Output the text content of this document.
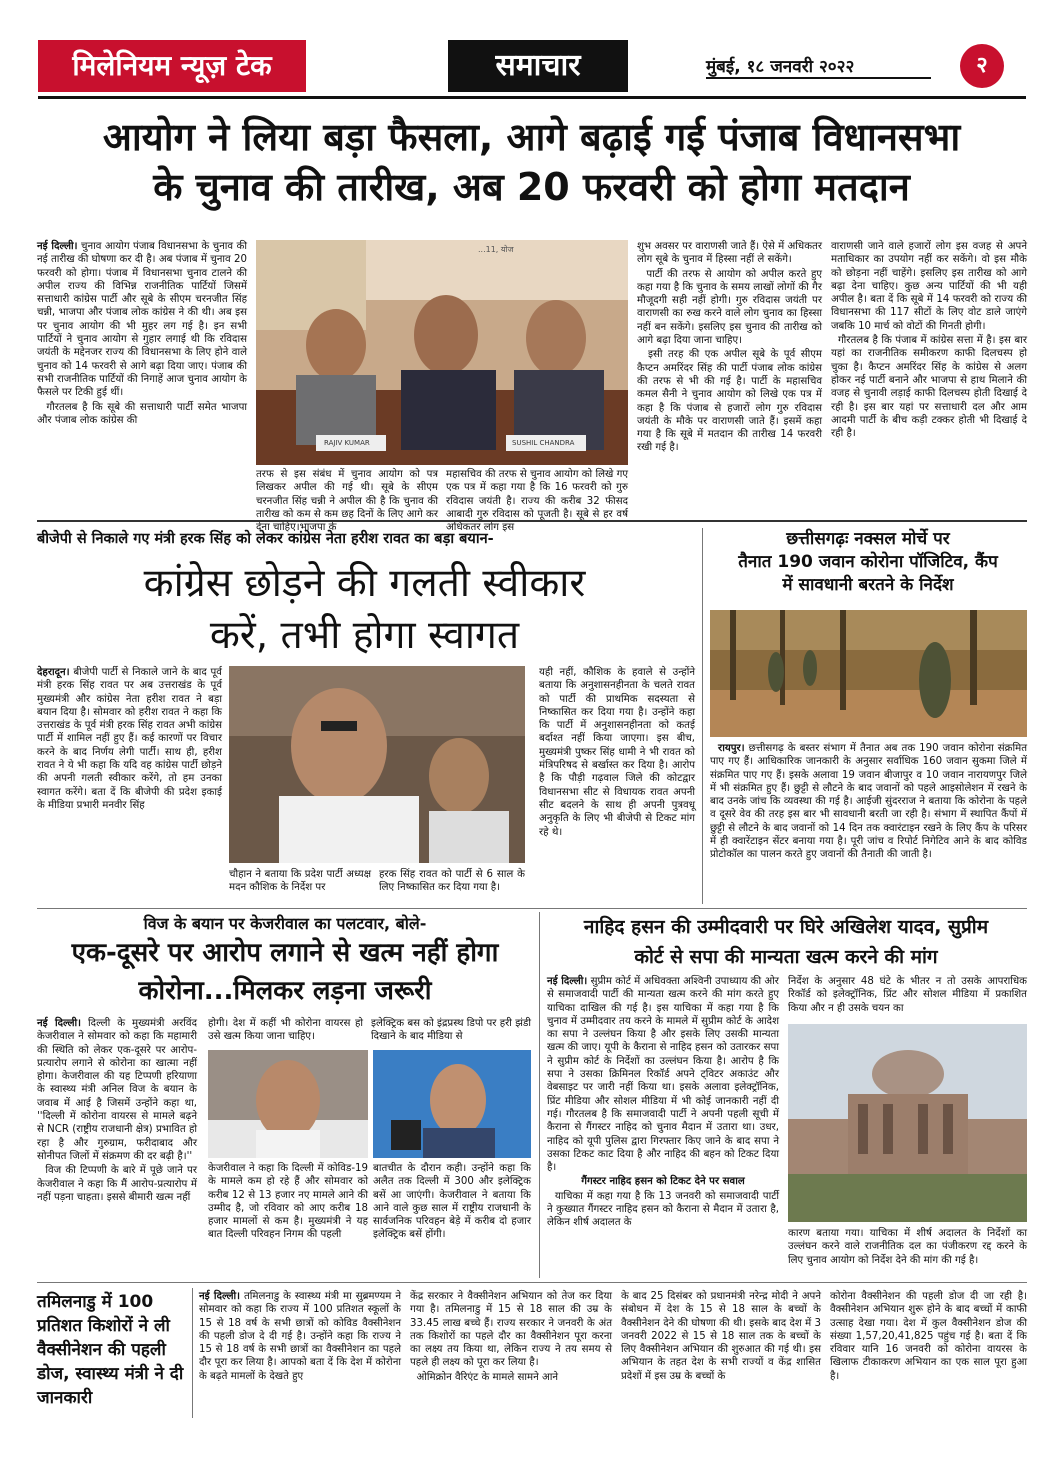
मिलेनियम न्यूज़ टेक	समाचार	मुंबई, १८ जनवरी २०२२	२
आयोग ने लिया बड़ा फैसला, आगे बढ़ाई गई पंजाब विधानसभा
के चुनाव की तारीख, अब 20 फरवरी को होगा मतदान

नई दिल्ली। चुनाव आयोग पंजाब विधानसभा के चुनाव की नई तारीख की घोषणा कर दी है। अब पंजाब में चुनाव 20 फरवरी को होगा। पंजाब में विधानसभा चुनाव टालने की अपील राज्य की विभिन्न राजनीतिक पार्टियों जिसमें सत्ताधारी कांग्रेस पार्टी और सूबे के सीएम चरनजीत सिंह चन्नी, भाजपा और पंजाब लोक कांग्रेस ने की थी। अब इस पर चुनाव आयोग की भी मुहर लग गई है। इन सभी पार्टियों ने चुनाव आयोग से गुहार लगाई थी कि रविदास जयंती के मद्देनजर राज्य की विधानसभा के लिए होने वाले चुनाव को 14 फरवरी से आगे बढ़ा दिया जाए। पंजाब की सभी राजनीतिक पार्टियों की निगाहें आज चुनाव आयोग के फैसले पर टिकी हुई थीं।

गौरतलब है कि सूबे की सत्ताधारी पार्टी समेत भाजपा और पंजाब लोक कांग्रेस की

...11, योज
RAJIV KUMAR	SUSHIL CHANDRA
तरफ से इस संबंध में चुनाव आयोग को पत्र लिखकर अपील की गई थी। सूबे के सीएम चरनजीत सिंह चन्नी ने अपील की है कि चुनाव की तारीख को कम से कम छह दिनों के लिए आगे कर देना चाहिए।भाजपा के
महासचिव की तरफ से चुनाव आयोग को लिखे गए एक पत्र में कहा गया है कि 16 फरवरी को गुरु रविदास जयंती है। राज्य की करीब 32 फीसद आबादी गुरु रविदास को पूजती है। सूबे से हर वर्ष अधिकतर लोग इस

शुभ अवसर पर वाराणसी जाते हैं। ऐसे में अधिकतर लोग सूबे के चुनाव में हिस्सा नहीं ले सकेंगे।

पार्टी की तरफ से आयोग को अपील करते हुए कहा गया है कि चुनाव के समय लाखों लोगों की गैर मौजूदगी सही नहीं होगी। गुरु रविदास जयंती पर वाराणसी का रुख करने वाले लोग चुनाव का हिस्सा नहीं बन सकेंगे। इसलिए इस चुनाव की तारीख को आगे बढ़ा दिया जाना चाहिए।

इसी तरह की एक अपील सूबे के पूर्व सीएम कैप्टन अमरिंदर सिंह की पार्टी पंजाब लोक कांग्रेस की तरफ से भी की गई है। पार्टी के महासचिव कमल सैनी ने चुनाव आयोग को लिखे एक पत्र में कहा है कि पंजाब से हजारों लोग गुरु रविदास जयंती के मौके पर वाराणसी जाते हैं। इसमें कहा गया है कि सूबे में मतदान की तारीख 14 फरवरी रखी गई है।

वाराणसी जाने वाले हजारों लोग इस वजह से अपने मताधिकार का उपयोग नहीं कर सकेंगे। वो इस मौके को छोड़ना नहीं चाहेंगे। इसलिए इस तारीख को आगे बढ़ा देना चाहिए। कुछ अन्य पार्टियों की भी यही अपील है। बता दें कि सूबे में 14 फरवरी को राज्य की विधानसभा की 117 सीटों के लिए वोट डाले जाएंगे जबकि 10 मार्च को वोटों की गिनती होगी।

गौरतलब है कि पंजाब में कांग्रेस सत्ता में है। इस बार यहां का राजनीतिक समीकरण काफी दिलचस्प हो चुका है। कैप्टन अमरिंदर सिंह के कांग्रेस से अलग होकर नई पार्टी बनाने और भाजपा से हाथ मिलाने की वजह से चुनावी लड़ाई काफी दिलचस्प होती दिखाई दे रही है। इस बार यहां पर सत्ताधारी दल और आम आदमी पार्टी के बीच कड़ी टक्कर होती भी दिखाई दे रही है।

बीजेपी से निकाले गए मंत्री हरक सिंह को लेकर कांग्रेस नेता हरीश रावत का बड़ा बयान-
कांग्रेस छोड़ने की गलती स्वीकार
करें, तभी होगा स्वागत

देहरादून। बीजेपी पार्टी से निकाले जाने के बाद पूर्व मंत्री हरक सिंह रावत पर अब उत्तराखंड के पूर्व मुख्यमंत्री और कांग्रेस नेता हरीश रावत ने बड़ा बयान दिया है। सोमवार को हरीश रावत ने कहा कि उत्तराखंड के पूर्व मंत्री हरक सिंह रावत अभी कांग्रेस पार्टी में शामिल नहीं हुए हैं। कई कारणों पर विचार करने के बाद निर्णय लेगी पार्टी। साथ ही, हरीश रावत ने ये भी कहा कि यदि वह कांग्रेस पार्टी छोड़ने की अपनी गलती स्वीकार करेंगे, तो हम उनका स्वागत करेंगे। बता दें कि बीजेपी की प्रदेश इकाई के मीडिया प्रभारी मनवीर सिंह

चौहान ने बताया कि प्रदेश पार्टी अध्यक्ष मदन कौशिक के निर्देश पर
हरक सिंह रावत को पार्टी से 6 साल के लिए निष्कासित कर दिया गया है।

यही नहीं, कौशिक के हवाले से उन्होंने बताया कि अनुशासनहीनता के चलते रावत को पार्टी की प्राथमिक सदस्यता से निष्कासित कर दिया गया है। उन्होंने कहा कि पार्टी में अनुशासनहीनता को कतई बर्दाश्त नहीं किया जाएगा। इस बीच, मुख्यमंत्री पुष्कर सिंह धामी ने भी रावत को मंत्रिपरिषद से बर्खास्त कर दिया है। आरोप है कि पौड़ी गढ़वाल जिले की कोटद्वार विधानसभा सीट से विधायक रावत अपनी सीट बदलने के साथ ही अपनी पुत्रवधू अनुकृति के लिए भी बीजेपी से टिकट मांग रहे थे।

छत्तीसगढ़ः नक्सल मोर्चे पर
तैनात 190 जवान कोरोना पॉजिटिव, कैंप
में सावधानी बरतने के निर्देश

रायपुर। छत्तीसगढ़ के बस्तर संभाग में तैनात अब तक 190 जवान कोरोना संक्रमित पाए गए हैं। आधिकारिक जानकारी के अनुसार सर्वाधिक 160 जवान सुकमा जिले में संक्रमित पाए गए हैं। इसके अलावा 19 जवान बीजापुर व 10 जवान नारायणपुर जिले में भी संक्रमित हुए हैं। छुट्टी से लौटने के बाद जवानों को पहले आइसोलेशन में रखने के बाद उनके जांच कि व्यवस्था की गई है। आईजी सुंदरराज ने बताया कि कोरोना के पहले व दूसरे वेव की तरह इस बार भी सावधानी बरती जा रही है। संभाग में स्थापित कैंपों में छुट्टी से लौटने के बाद जवानों को 14 दिन तक क्वारंटाइन रखने के लिए कैंप के परिसर में ही क्वारेंटाइन सेंटर बनाया गया है। पूरी जांच व रिपोर्ट निगेटिव आने के बाद कोविड प्रोटोकॉल का पालन करते हुए जवानों की तैनाती की जाती है।

विज के बयान पर केजरीवाल का पलटवार, बोले-
एक-दूसरे पर आरोप लगाने से खत्म नहीं होगा
कोरोना...मिलकर लड़ना जरूरी

नई दिल्ली। दिल्ली के मुख्यमंत्री अरविंद केजरीवाल ने सोमवार को कहा कि महामारी की स्थिति को लेकर एक-दूसरे पर आरोप-प्रत्यारोप लगाने से कोरोना का खात्मा नहीं होगा। केजरीवाल की यह टिप्पणी हरियाणा के स्वास्थ्य मंत्री अनिल विज के बयान के जवाब में आई है जिसमें उन्होंने कहा था, ''दिल्ली में कोरोना वायरस से मामले बढ़ने से NCR (राष्ट्रीय राजधानी क्षेत्र) प्रभावित हो रहा है और गुरुग्राम, फरीदाबाद और सोनीपत जिलों में संक्रमण की दर बढ़ी है।''

विज की टिप्पणी के बारे में पूछे जाने पर केजरीवाल ने कहा कि मैं आरोप-प्रत्यारोप में नहीं पड़ना चाहता। इससे बीमारी खत्म नहीं

होगी। देश में कहीं भी कोरोना वायरस हो उसे खत्म किया जाना चाहिए।
इलेक्ट्रिक बस को इंद्रप्रस्थ डिपो पर हरी झंडी दिखाने के बाद मीडिया से
केजरीवाल ने कहा कि दिल्ली में कोविड-19 के मामले कम हो रहे हैं और सोमवार को करीब 12 से 13 हजार नए मामले आने की उम्मीद है, जो रविवार को आए करीब 18 हजार मामलों से कम है। मुख्यमंत्री ने यह बात दिल्ली परिवहन निगम की पहली
बातचीत के दौरान कही। उन्होंने कहा कि अलैत तक दिल्ली में 300 और इलेक्ट्रिक बसें आ जाएंगी। केजरीवाल ने बताया कि आने वाले कुछ साल में राष्ट्रीय राजधानी के सार्वजनिक परिवहन बेड़े में करीब दो हजार इलेक्ट्रिक बसें होंगी।
नाहिद हसन की उम्मीदवारी पर घिरे अखिलेश यादव, सुप्रीम
कोर्ट से सपा की मान्यता खत्म करने की मांग

नई दिल्ली। सुप्रीम कोर्ट में अधिवक्ता अश्विनी उपाध्याय की ओर से समाजवादी पार्टी की मान्यता खत्म करने की मांग करते हुए याचिका दाखिल की गई है। इस याचिका में कहा गया है कि चुनाव में उम्मीदवार तय करने के मामले में सुप्रीम कोर्ट के आदेश का सपा ने उल्लंघन किया है और इसके लिए उसकी मान्यता खत्म की जाए। यूपी के कैराना से नाहिद हसन को उतारकर सपा ने सुप्रीम कोर्ट के निर्देशों का उल्लंघन किया है। आरोप है कि सपा ने उसका क्रिमिनल रिकॉर्ड अपने ट्विटर अकाउंट और वेबसाइट पर जारी नहीं किया था। इसके अलावा इलेक्ट्रॉनिक, प्रिंट मीडिया और सोशल मीडिया में भी कोई जानकारी नहीं दी गई। गौरतलब है कि समाजवादी पार्टी ने अपनी पहली सूची में कैराना से गैंगस्टर नाहिद को चुनाव मैदान में उतारा था। उधर, नाहिद को यूपी पुलिस द्वारा गिरफ्तार किए जाने के बाद सपा ने उसका टिकट काट दिया है और नाहिद की बहन को टिकट दिया है।

गैंगस्टर नाहिद हसन को टिकट देने पर सवाल

याचिका में कहा गया है कि 13 जनवरी को समाजवादी पार्टी ने कुख्यात गैंगस्टर नाहिद हसन को कैराना से मैदान में उतारा है, लेकिन शीर्ष अदालत के

निर्देश के अनुसार 48 घंटे के भीतर न तो उसके आपराधिक रिकॉर्ड को इलेक्ट्रॉनिक, प्रिंट और सोशल मीडिया में प्रकाशित किया और न ही उसके चयन का
कारण बताया गया। याचिका में शीर्ष अदालत के निर्देशों का उल्लंघन करने वाले राजनीतिक दल का पंजीकरण रद्द करने के लिए चुनाव आयोग को निर्देश देने की मांग की गई है।
तमिलनाडु में 100 प्रतिशत किशोरों ने ली वैक्सीनेशन की पहली डोज, स्वास्थ्य मंत्री ने दी जानकारी

नई दिल्ली। तमिलनाडु के स्वास्थ्य मंत्री मा सुब्रमण्यम ने सोमवार को कहा कि राज्य में 100 प्रतिशत स्कूलों के 15 से 18 वर्ष के सभी छात्रों को कोविड वैक्सीनेशन की पहली डोज दे दी गई है। उन्होंने कहा कि राज्य ने 15 से 18 वर्ष के सभी छात्रों का वैक्सीनेशन का पहले दौर पूरा कर लिया है। आपको बता दें कि देश में कोरोना के बढ़ते मामलों के देखते हुए

केंद्र सरकार ने वैक्सीनेशन अभियान को तेज कर दिया गया है। तमिलनाडु में 15 से 18 साल की उम्र के 33.45 लाख बच्चे हैं। राज्य सरकार ने जनवरी के अंत तक किशोरों का पहले दौर का वैक्सीनेशन पूरा करना का लक्ष्य तय किया था, लेकिन राज्य ने तय समय से पहले ही लक्ष्य को पूरा कर लिया है।

ओमिक्रोन वैरिएंट के मामले सामने आने

के बाद 25 दिसंबर को प्रधानमंत्री नरेन्द्र मोदी ने अपने संबोधन में देश के 15 से 18 साल के बच्चों के वैक्सीनेशन देने की घोषणा की थी। इसके बाद देश में 3 जनवरी 2022 से 15 से 18 साल तक के बच्चों के लिए वैक्सीनेशन अभियान की शुरुआत की गई थी। इस अभियान के तहत देश के सभी राज्यों व केंद्र शासित प्रदेशों में इस उम्र के बच्चों के

कोरोना वैक्सीनेशन की पहली डोज दी जा रही है। वैक्सीनेशन अभियान शुरू होने के बाद बच्चों में काफी उत्साह देखा गया। देश में कुल वैक्सीनेशन डोज की संख्या 1,57,20,41,825 पहुंच गई है। बता दें कि रविवार यानि 16 जनवरी को कोरोना वायरस के खिलाफ टीकाकरण अभियान का एक साल पूरा हुआ है।
